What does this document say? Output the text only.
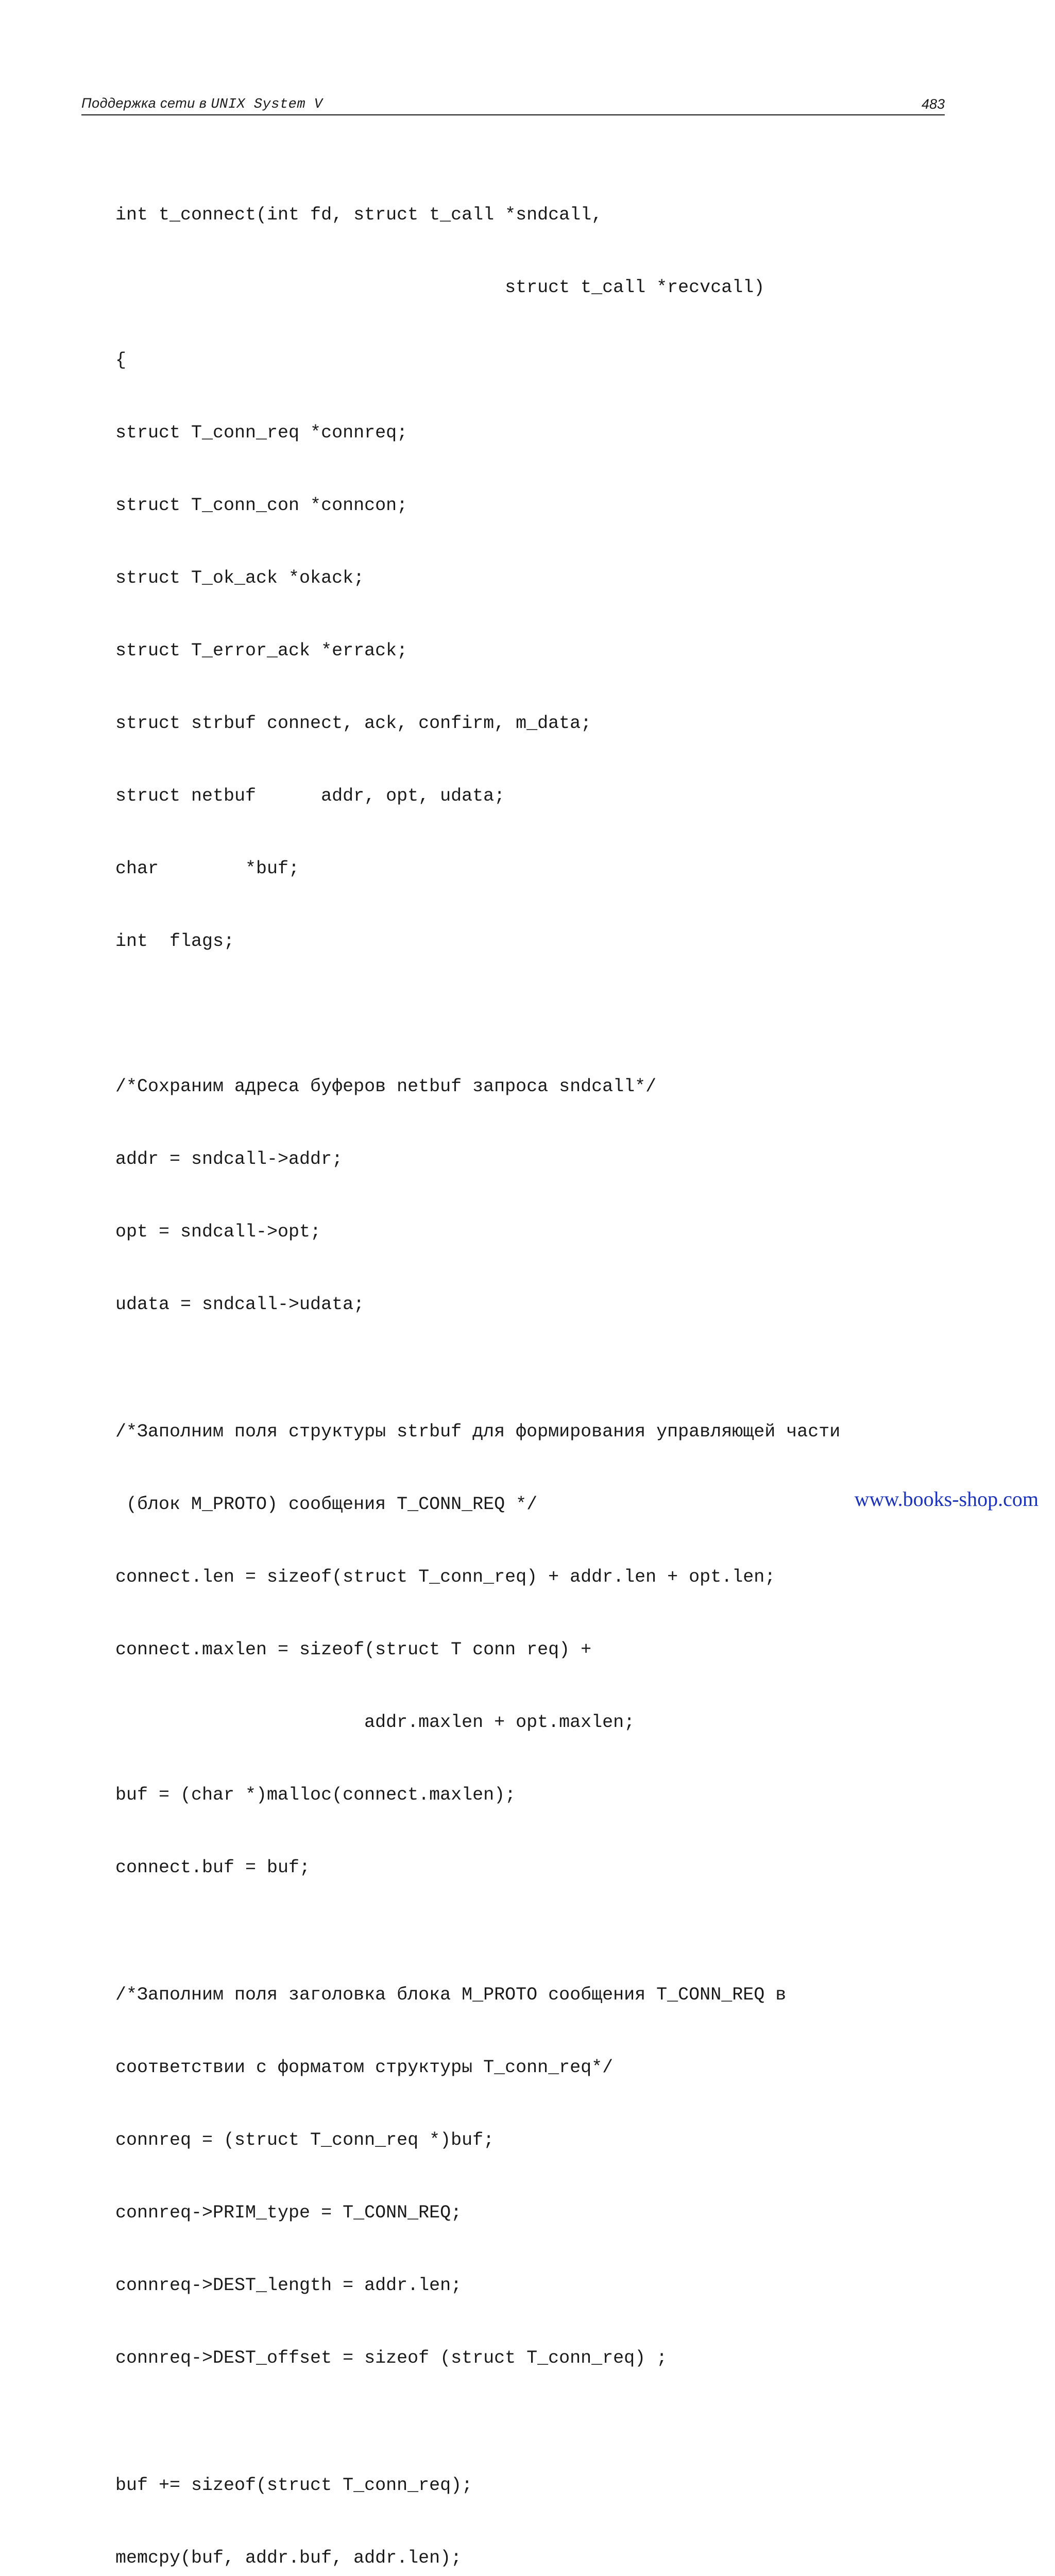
Поддержка сети в UNIX System V	483

int t_connect(int fd, struct t_call *sndcall,

struct t_call *recvcall)

{

struct T_conn_req *connreq;

struct T_conn_con *conncon;

struct T_ok_ack *okack;

struct T_error_ack *errack;

struct strbuf connect, ack, confirm, m_data;

struct netbuf      addr, opt, udata;

char        *buf;

int  flags;

/*Сохраним адреса буферов netbuf запроса sndcall*/

addr = sndcall->addr;

opt = sndcall->opt;

udata = sndcall->udata;

/*Заполним поля структуры strbuf для формирования управляющей части

(блок M_PROTO) сообщения T_CONN_REQ */

connect.len = sizeof(struct T_conn_req) + addr.len + opt.len;

connect.maxlen = sizeof(struct T conn req) +

addr.maxlen + opt.maxlen;

buf = (char *)malloc(connect.maxlen);

connect.buf = buf;

/*Заполним поля заголовка блока M_PROTO сообщения T_CONN_REQ в

соответствии с форматом структуры T_conn_req*/

connreq = (struct T_conn_req *)buf;

connreq->PRIM_type = T_CONN_REQ;

connreq->DEST_length = addr.len;

connreq->DEST_offset = sizeof (struct T_conn_req) ;

buf += sizeof(struct T_conn_req);

memcpy(buf, addr.buf, addr.len);

www.books-shop.com
